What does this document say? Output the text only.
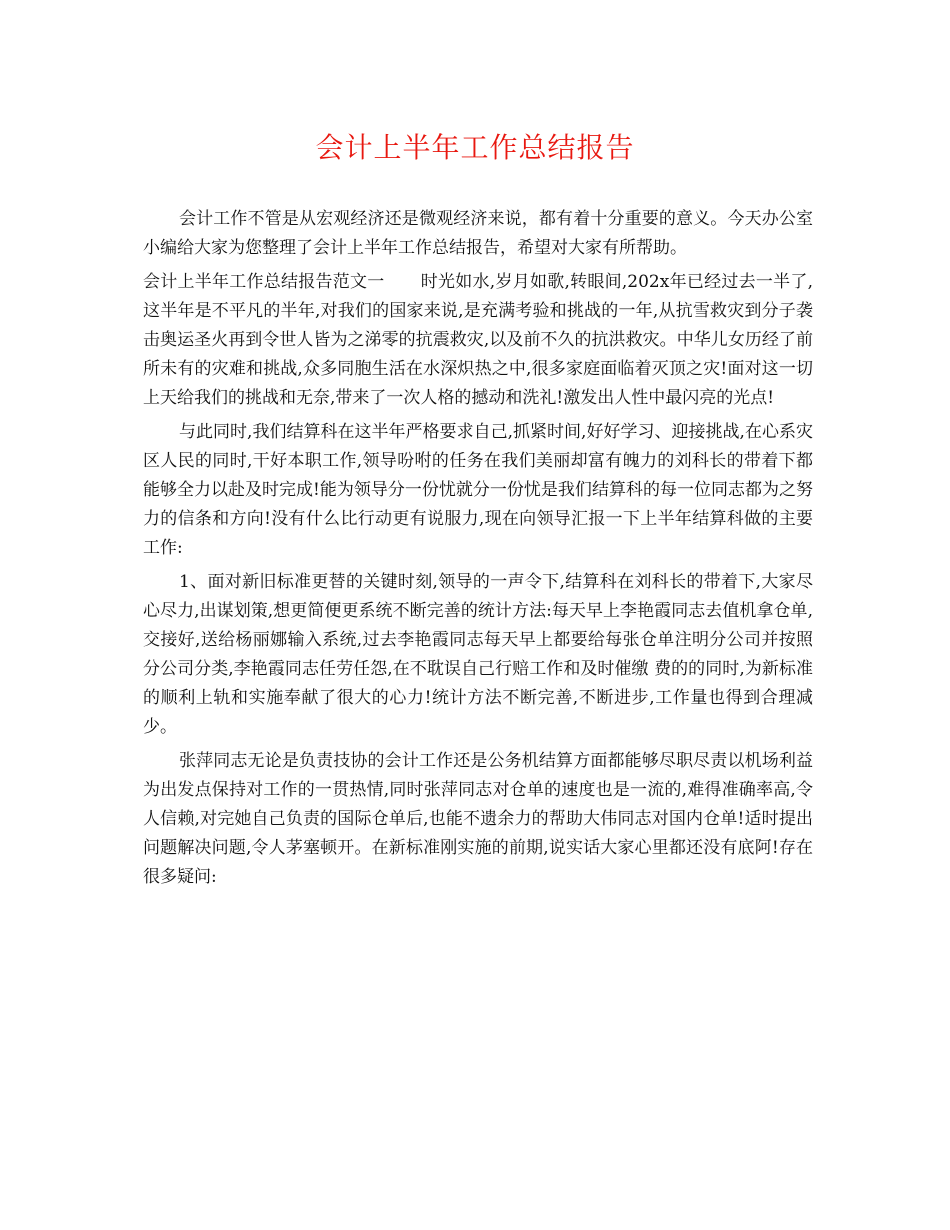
会计上半年工作总结报告

会计工作不管是从宏观经济还是微观经济来说，都有着十分重要的意义。今天办公室小编给大家为您整理了会计上半年工作总结报告，希望对大家有所帮助。

会计上半年工作总结报告范文一 时光如水,岁月如歌,转眼间,202x年已经过去一半了,这半年是不平凡的半年,对我们的国家来说,是充满考验和挑战的一年,从抗雪救灾到分子袭击奥运圣火再到令世人皆为之涕零的抗震救灾,以及前不久的抗洪救灾。中华儿女历经了前所未有的灾难和挑战,众多同胞生活在水深炽热之中,很多家庭面临着灭顶之灾!面对这一切上天给我们的挑战和无奈,带来了一次人格的撼动和洗礼!激发出人性中最闪亮的光点!

与此同时,我们结算科在这半年严格要求自己,抓紧时间,好好学习、迎接挑战,在心系灾区人民的同时,干好本职工作,领导吩咐的任务在我们美丽却富有魄力的刘科长的带着下都能够全力以赴及时完成!能为领导分一份忧就分一份忧是我们结算科的每一位同志都为之努力的信条和方向!没有什么比行动更有说服力,现在向领导汇报一下上半年结算科做的主要工作:

1、面对新旧标准更替的关键时刻,领导的一声令下,结算科在刘科长的带着下,大家尽心尽力,出谋划策,想更简便更系统不断完善的统计方法:每天早上李艳霞同志去值机拿仓单,交接好,送给杨丽娜输入系统,过去李艳霞同志每天早上都要给每张仓单注明分公司并按照分公司分类,李艳霞同志任劳任怨,在不耽误自己行赔工作和及时催缴 费的的同时,为新标准的顺利上轨和实施奉献了很大的心力!统计方法不断完善,不断进步,工作量也得到合理减少。

张萍同志无论是负责技协的会计工作还是公务机结算方面都能够尽职尽责以机场利益为出发点保持对工作的一贯热情,同时张萍同志对仓单的速度也是一流的,难得准确率高,令人信赖,对完她自己负责的国际仓单后,也能不遗余力的帮助大伟同志对国内仓单!适时提出问题解决问题,令人茅塞顿开。在新标准刚实施的前期,说实话大家心里都还没有底阿!存在很多疑问:
